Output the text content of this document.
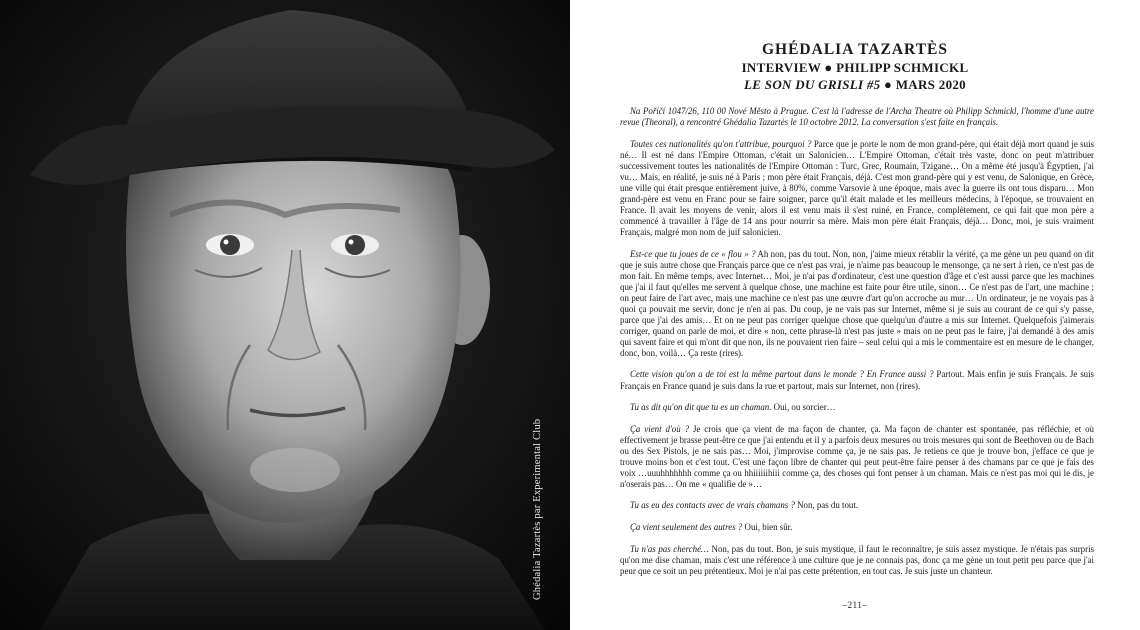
Ghédalia Tazartès par Experimental Club
GHÉDALIA TAZARTÈS
INTERVIEW ● PHILIPP SCHMICKL
LE SON DU GRISLI #5 ● MARS 2020

Na Poříčí 1047/26, 110 00 Nové Město à Prague. C'est là l'adresse de l'Archa Theatre où Philipp Schmickl, l'homme d'une autre revue (Theoral), a rencontré Ghédalia Tazartès le 10 octobre 2012. La conversation s'est faite en français.

Toutes ces nationalités qu'on t'attribue, pourquoi ? Parce que je porte le nom de mon grand-père, qui était déjà mort quand je suis né… Il est né dans l'Empire Ottoman, c'était un Salonicien… L'Empire Ottoman, c'était très vaste, donc on peut m'attribuer successivement toutes les nationalités de l'Empire Ottoman : Turc, Grec, Roumain, Tzigane… On a même été jusqu'à Égyptien, j'ai vu… Mais, en réalité, je suis né à Paris ; mon père était Français, déjà. C'est mon grand-père qui y est venu, de Salonique, en Grèce, une ville qui était presque entièrement juive, à 80%, comme Varsovie à une époque, mais avec la guerre ils ont tous disparu… Mon grand-père est venu en Franc pour se faire soigner, parce qu'il était malade et les meilleurs médecins, à l'époque, se trouvaient en France. Il avait les moyens de venir, alors il est venu mais il s'est ruiné, en France, complètement, ce qui fait que mon père a commencé à travailler à l'âge de 14 ans pour nourrir sa mère. Mais mon père était Français, déjà… Donc, moi, je suis vraiment Français, malgré mon nom de juif salonicien.

Est-ce que tu joues de ce « flou » ? Ah non, pas du tout. Non, non, j'aime mieux rétablir la vérité, ça me gène un peu quand on dit que je suis autre chose que Français parce que ce n'est pas vrai, je n'aime pas beaucoup le mensonge, ça ne sert à rien, ce n'est pas de mon fait. En même temps, avec Internet… Moi, je n'ai pas d'ordinateur, c'est une question d'âge et c'est aussi parce que les machines que j'ai il faut qu'elles me servent à quelque chose, une machine est faite pour être utile, sinon… Ce n'est pas de l'art, une machine ; on peut faire de l'art avec, mais une machine ce n'est pas une œuvre d'art qu'on accroche au mur… Un ordinateur, je ne voyais pas à quoi ça pouvait me servir, donc je n'en ai pas. Du coup, je ne vais pas sur Internet, même si je suis au courant de ce qui s'y passe, parce que j'ai des amis… Et on ne peut pas corriger quelque chose que quelqu'un d'autre a mis sur Internet. Quelquefois j'aimerais corriger, quand on parle de moi, et dire « non, cette phrase-là n'est pas juste » mais on ne peut pas le faire, j'ai demandé à des amis qui savent faire et qui m'ont dit que non, ils ne pouvaient rien faire – seul celui qui a mis le commentaire est en mesure de le changer, donc, bon, voilà… Ça reste (rires).

Cette vision qu'on a de toi est la même partout dans le monde ? En France aussi ? Partout. Mais enfin je suis Français. Je suis Français en France quand je suis dans la rue et partout, mais sur Internet, non (rires).

Tu as dit qu'on dit que tu es un chaman. Oui, ou sorcier…

Ça vient d'où ? Je crois que ça vient de ma façon de chanter, ça. Ma façon de chanter est spontanée, pas réfléchie, et où effectivement je brasse peut-être ce que j'ai entendu et il y a parfois deux mesures ou trois mesures qui sont de Beethoven ou de Bach ou des Sex Pistols, je ne sais pas… Moi, j'improvise comme ça, je ne sais pas. Je retiens ce que je trouve bon, j'efface ce que je trouve moins bon et c'est tout. C'est une façon libre de chanter qui peut peut-être faire penser à des chamans par ce que je fais des voix …uuuhhhhhhh comme ça ou hhiiiiiihiii comme ça, des choses qui font penser à un chaman. Mais ce n'est pas moi qui le dis, je n'oserais pas… On me « qualifie de »…

Tu as eu des contacts avec de vrais chamans ? Non, pas du tout.

Ça vient seulement des autres ? Oui, bien sûr.

Tu n'as pas cherché… Non, pas du tout. Bon, je suis mystique, il faut le reconnaître, je suis assez mystique. Je n'étais pas surpris qu'on me dise chaman, mais c'est une référence à une culture que je ne connais pas, donc ça me gène un tout petit peu parce que j'ai peur que ce soit un peu prétentieux. Moi je n'ai pas cette prétention, en tout cas. Je suis juste un chanteur.

–211–
